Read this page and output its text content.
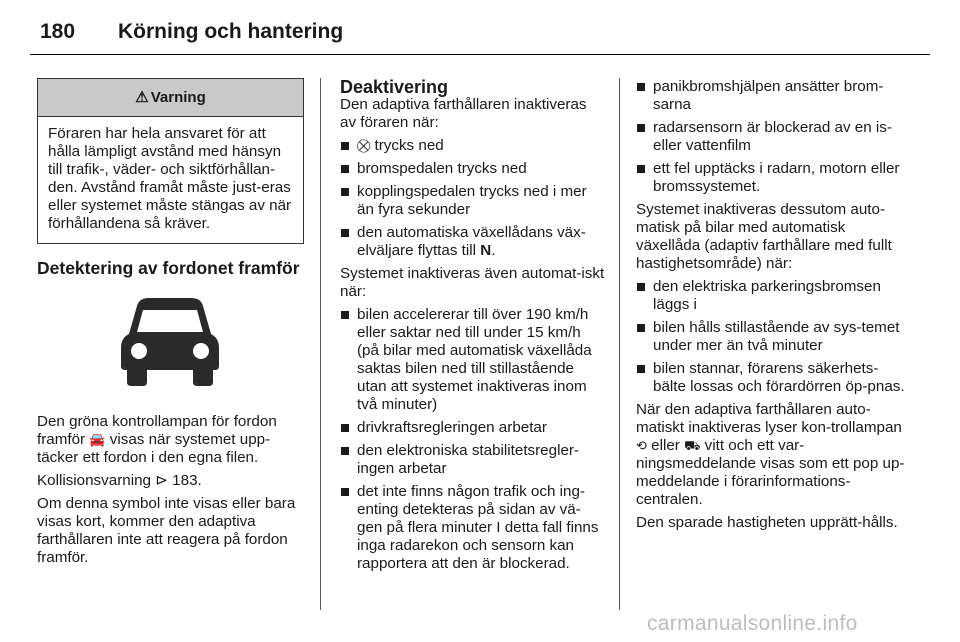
180 Körning och hantering
⚠ Varning
Föraren har hela ansvaret för att hålla lämpligt avstånd med hänsyn till trafik-, väder- och siktförhållan-den. Avstånd framåt måste just-eras eller systemet måste stängas av när förhållandena så kräver.
Detektering av fordonet framför

Den gröna kontrollampan för fordon framför 🚘 visas när systemet upp-täcker ett fordon i den egna filen.

Kollisionsvarning ⊳ 183.

Om denna symbol inte visas eller bara visas kort, kommer den adaptiva farthållaren inte att reagera på fordon framför.

Deaktivering

Den adaptiva farthållaren inaktiveras av föraren när:

⛒ trycks ned
bromspedalen trycks ned
kopplingspedalen trycks ned i mer än fyra sekunder
den automatiska växellådans väx-elväljare flyttas till N.

Systemet inaktiveras även automat-iskt när:

bilen accelererar till över 190 km/h eller saktar ned till under 15 km/h (på bilar med automatisk växellåda saktas bilen ned till stillastående utan att systemet inaktiveras inom två minuter)
drivkraftsregleringen arbetar
den elektroniska stabilitetsregler-ingen arbetar
det inte finns någon trafik och ing-enting detekteras på sidan av vä-gen på flera minuter I detta fall finns inga radarekon och sensorn kan rapportera att den är blockerad.
panikbromshjälpen ansätter brom-sarna
radarsensorn är blockerad av en is- eller vattenfilm
ett fel upptäcks i radarn, motorn eller bromssystemet.

Systemet inaktiveras dessutom auto-matisk på bilar med automatisk växellåda (adaptiv farthållare med fullt hastighetsområde) när:

den elektriska parkeringsbromsen läggs i
bilen hålls stillastående av sys-temet under mer än två minuter
bilen stannar, förarens säkerhets-bälte lossas och förardörren öp-pnas.

När den adaptiva farthållaren auto-matiskt inaktiveras lyser kon-trollampan ⟲ eller ⛟ vitt och ett var-ningsmeddelande visas som ett pop up-meddelande i förarinformations-centralen.

Den sparade hastigheten upprätt-hålls.

carmanualsonline.info
